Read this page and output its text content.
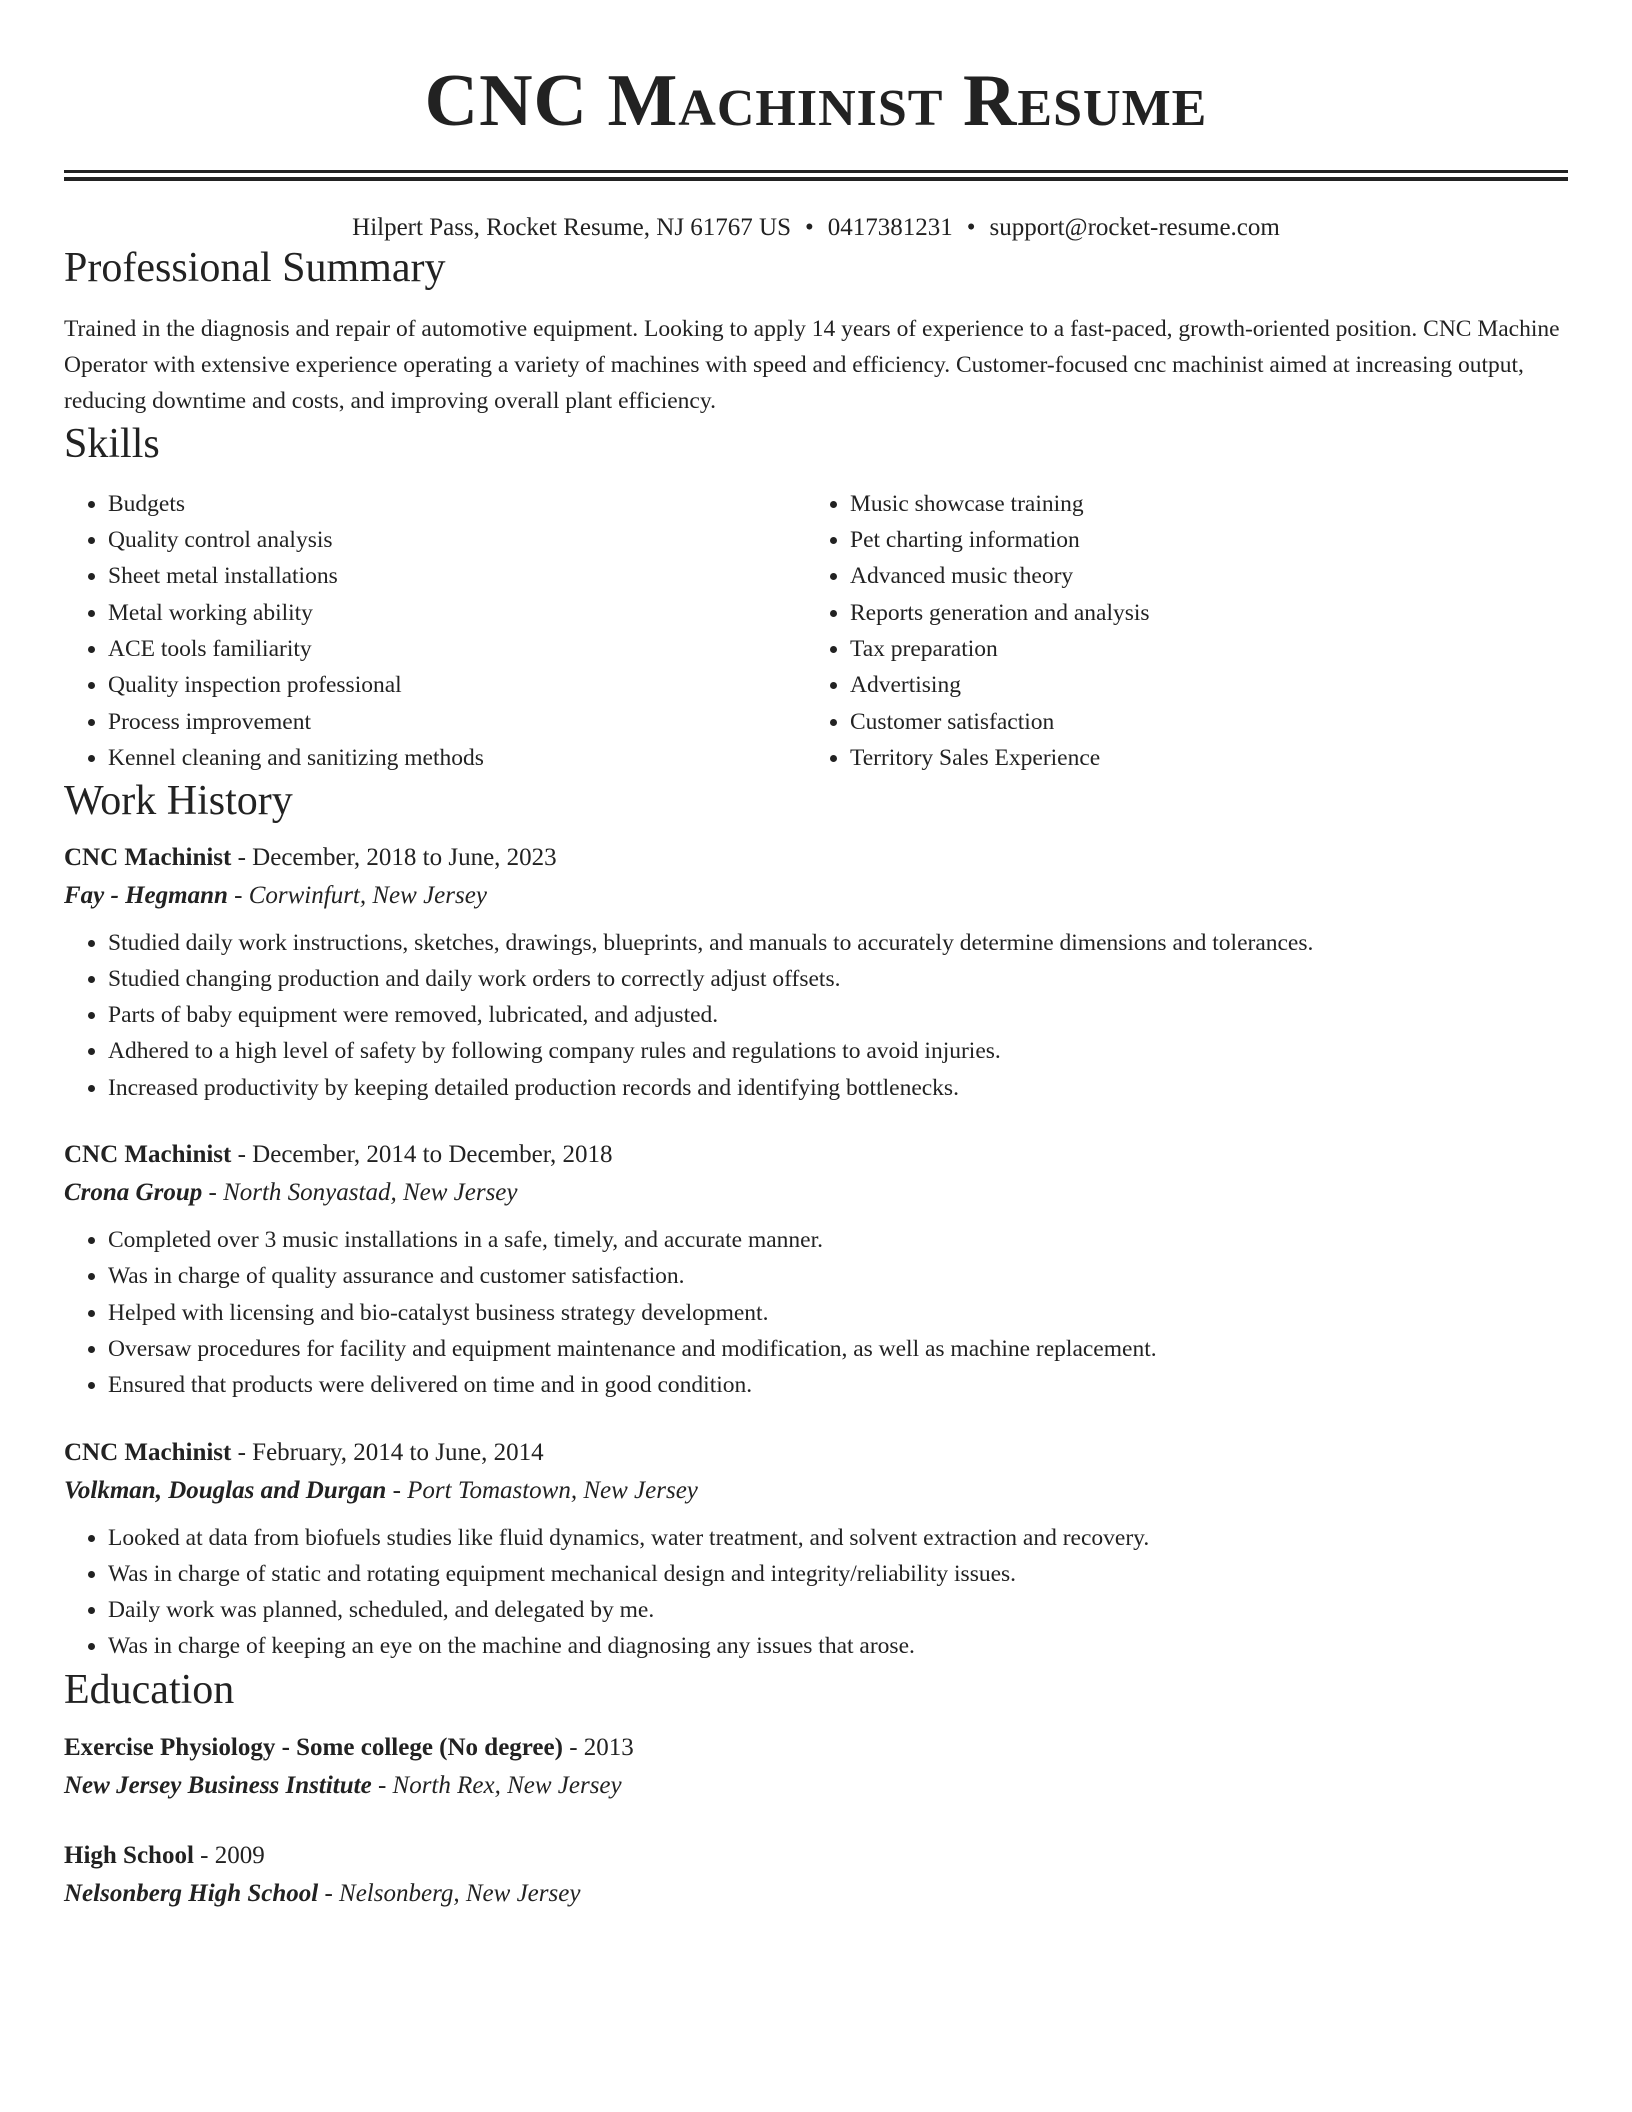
CNC Machinist Resume
Hilpert Pass, Rocket Resume, NJ 61767 US • 0417381231 • support@rocket-resume.com
Professional Summary
Trained in the diagnosis and repair of automotive equipment. Looking to apply 14 years of experience to a fast-paced, growth-oriented position. CNC Machine Operator with extensive experience operating a variety of machines with speed and efficiency. Customer-focused cnc machinist aimed at increasing output, reducing downtime and costs, and improving overall plant efficiency.
Skills
• Budgets
• Quality control analysis
• Sheet metal installations
• Metal working ability
• ACE tools familiarity
• Quality inspection professional
• Process improvement
• Kennel cleaning and sanitizing methods
• Music showcase training
• Pet charting information
• Advanced music theory
• Reports generation and analysis
• Tax preparation
• Advertising
• Customer satisfaction
• Territory Sales Experience
Work History
CNC Machinist - December, 2018 to June, 2023
Fay - Hegmann - Corwinfurt, New Jersey
• Studied daily work instructions, sketches, drawings, blueprints, and manuals to accurately determine dimensions and tolerances.
• Studied changing production and daily work orders to correctly adjust offsets.
• Parts of baby equipment were removed, lubricated, and adjusted.
• Adhered to a high level of safety by following company rules and regulations to avoid injuries.
• Increased productivity by keeping detailed production records and identifying bottlenecks.
CNC Machinist - December, 2014 to December, 2018
Crona Group - North Sonyastad, New Jersey
• Completed over 3 music installations in a safe, timely, and accurate manner.
• Was in charge of quality assurance and customer satisfaction.
• Helped with licensing and bio-catalyst business strategy development.
• Oversaw procedures for facility and equipment maintenance and modification, as well as machine replacement.
• Ensured that products were delivered on time and in good condition.
CNC Machinist - February, 2014 to June, 2014
Volkman, Douglas and Durgan - Port Tomastown, New Jersey
• Looked at data from biofuels studies like fluid dynamics, water treatment, and solvent extraction and recovery.
• Was in charge of static and rotating equipment mechanical design and integrity/reliability issues.
• Daily work was planned, scheduled, and delegated by me.
• Was in charge of keeping an eye on the machine and diagnosing any issues that arose.
Education
Exercise Physiology - Some college (No degree) - 2013
New Jersey Business Institute - North Rex, New Jersey
High School - 2009
Nelsonberg High School - Nelsonberg, New Jersey
